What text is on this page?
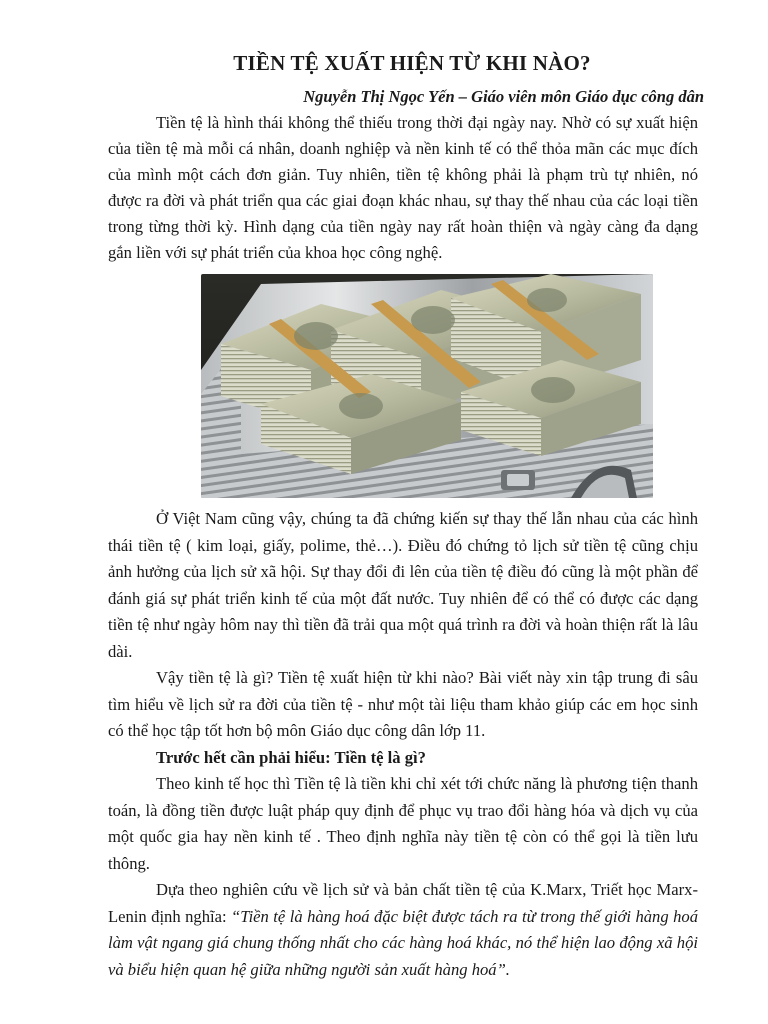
TIỀN TỆ XUẤT HIỆN TỪ KHI NÀO?
Nguyễn Thị Ngọc Yến – Giáo viên môn Giáo dục công dân

Tiền tệ là hình thái không thể thiếu trong thời đại ngày nay. Nhờ có sự xuất hiện của tiền tệ mà mỗi cá nhân, doanh nghiệp và nền kinh tế có thể thỏa mãn các mục đích của mình một cách đơn giản. Tuy nhiên, tiền tệ không phải là phạm trù tự nhiên, nó được ra đời và phát triển qua các giai đoạn khác nhau, sự thay thế nhau của các loại tiền trong từng thời kỳ. Hình dạng của tiền ngày nay rất hoàn thiện và ngày càng đa dạng gắn liền với sự phát triển của khoa học công nghệ.

Ở Việt Nam cũng vậy, chúng ta đã chứng kiến sự thay thế lẫn nhau của các hình thái tiền tệ ( kim loại, giấy, polime, thẻ…). Điều đó chứng tỏ lịch sử tiền tệ cũng chịu ảnh hưởng của lịch sử xã hội. Sự thay đổi đi lên của tiền tệ điều đó cũng là một phần để đánh giá sự phát triển kinh tế của một đất nước. Tuy nhiên để có thể có được các dạng tiền tệ như ngày hôm nay thì tiền đã trải qua một quá trình ra đời và hoàn thiện rất là lâu dài.

Vậy tiền tệ là gì? Tiền tệ xuất hiện từ khi nào? Bài viết này xin tập trung đi sâu tìm hiểu về lịch sử ra đời của tiền tệ - như một tài liệu tham khảo giúp các em học sinh có thể học tập tốt hơn bộ môn Giáo dục công dân lớp 11.

Trước hết cần phải hiểu: Tiền tệ là gì?

Theo kinh tế học thì Tiền tệ là tiền khi chỉ xét tới chức năng là phương tiện thanh toán, là đồng tiền được luật pháp quy định để phục vụ trao đổi hàng hóa và dịch vụ của một quốc gia hay nền kinh tế . Theo định nghĩa này tiền tệ còn có thể gọi là tiền lưu thông.

Dựa theo nghiên cứu về lịch sử và bản chất tiền tệ của K.Marx, Triết học Marx-Lenin định nghĩa: “Tiền tệ là hàng hoá đặc biệt được tách ra từ trong thế giới hàng hoá làm vật ngang giá chung thống nhất cho các hàng hoá khác, nó thể hiện lao động xã hội và biểu hiện quan hệ giữa những người sản xuất hàng hoá”.
